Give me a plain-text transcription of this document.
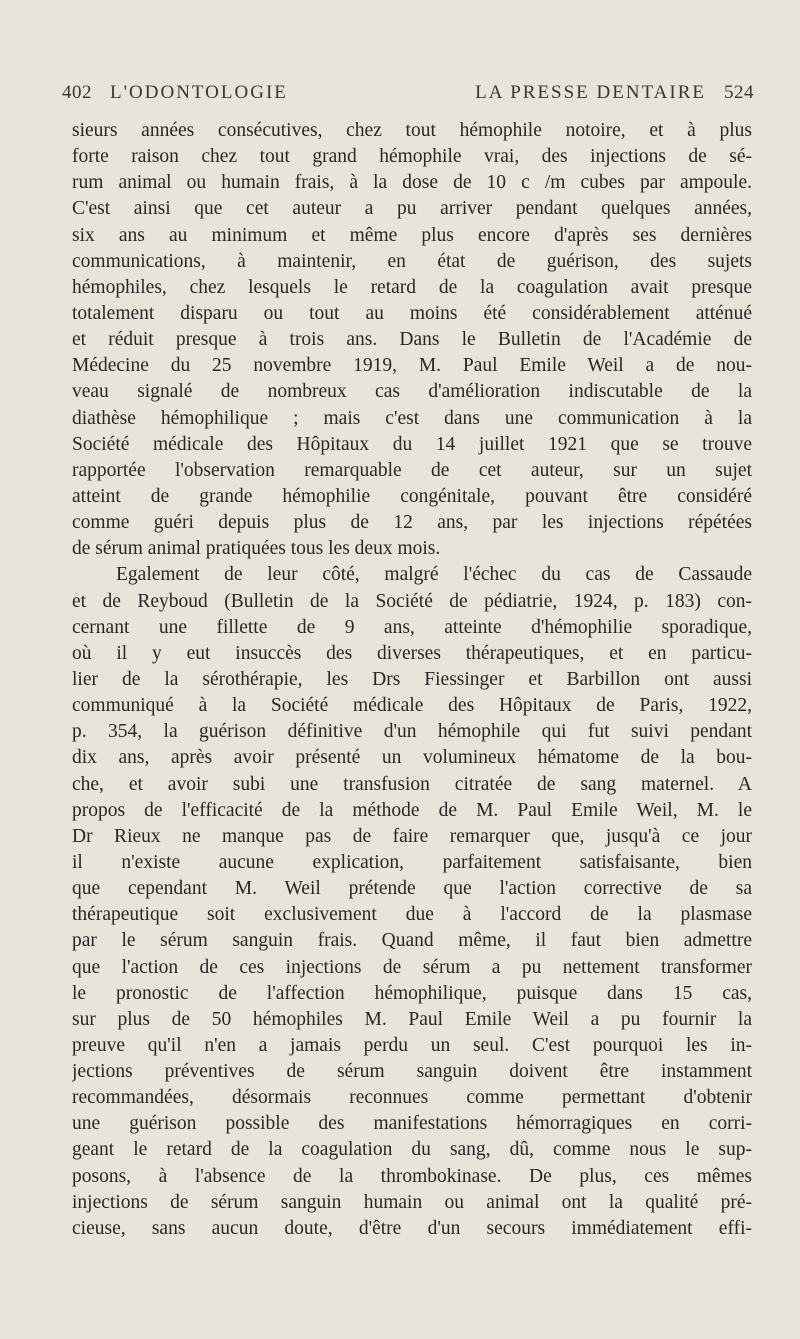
402 L'ODONTOLOGIE	LA PRESSE DENTAIRE 524
sieurs années consécutives, chez tout hémophile notoire, et à plus
forte raison chez tout grand hémophile vrai, des injections de sé-
rum animal ou humain frais, à la dose de 10 c /m cubes par ampoule.
C'est ainsi que cet auteur a pu arriver pendant quelques années,
six ans au minimum et même plus encore d'après ses dernières
communications, à maintenir, en état de guérison, des sujets
hémophiles, chez lesquels le retard de la coagulation avait presque
totalement disparu ou tout au moins été considérablement atténué
et réduit presque à trois ans. Dans le Bulletin de l'Académie de
Médecine du 25 novembre 1919, M. Paul Emile Weil a de nou-
veau signalé de nombreux cas d'amélioration indiscutable de la
diathèse hémophilique ; mais c'est dans une communication à la
Société médicale des Hôpitaux du 14 juillet 1921 que se trouve
rapportée l'observation remarquable de cet auteur, sur un sujet
atteint de grande hémophilie congénitale, pouvant être considéré
comme guéri depuis plus de 12 ans, par les injections répétées
de sérum animal pratiquées tous les deux mois.
Egalement de leur côté, malgré l'échec du cas de Cassaude
et de Reyboud (Bulletin de la Société de pédiatrie, 1924, p. 183) con-
cernant une fillette de 9 ans, atteinte d'hémophilie sporadique,
où il y eut insuccès des diverses thérapeutiques, et en particu-
lier de la sérothérapie, les Drs Fiessinger et Barbillon ont aussi
communiqué à la Société médicale des Hôpitaux de Paris, 1922,
p. 354, la guérison définitive d'un hémophile qui fut suivi pendant
dix ans, après avoir présenté un volumineux hématome de la bou-
che, et avoir subi une transfusion citratée de sang maternel. A
propos de l'efficacité de la méthode de M. Paul Emile Weil, M. le
Dr Rieux ne manque pas de faire remarquer que, jusqu'à ce jour
il n'existe aucune explication, parfaitement satisfaisante, bien
que cependant M. Weil prétende que l'action corrective de sa
thérapeutique soit exclusivement due à l'accord de la plasmase
par le sérum sanguin frais. Quand même, il faut bien admettre
que l'action de ces injections de sérum a pu nettement transformer
le pronostic de l'affection hémophilique, puisque dans 15 cas,
sur plus de 50 hémophiles M. Paul Emile Weil a pu fournir la
preuve qu'il n'en a jamais perdu un seul. C'est pourquoi les in-
jections préventives de sérum sanguin doivent être instamment
recommandées, désormais reconnues comme permettant d'obtenir
une guérison possible des manifestations hémorragiques en corri-
geant le retard de la coagulation du sang, dû, comme nous le sup-
posons, à l'absence de la thrombokinase. De plus, ces mêmes
injections de sérum sanguin humain ou animal ont la qualité pré-
cieuse, sans aucun doute, d'être d'un secours immédiatement effi-
